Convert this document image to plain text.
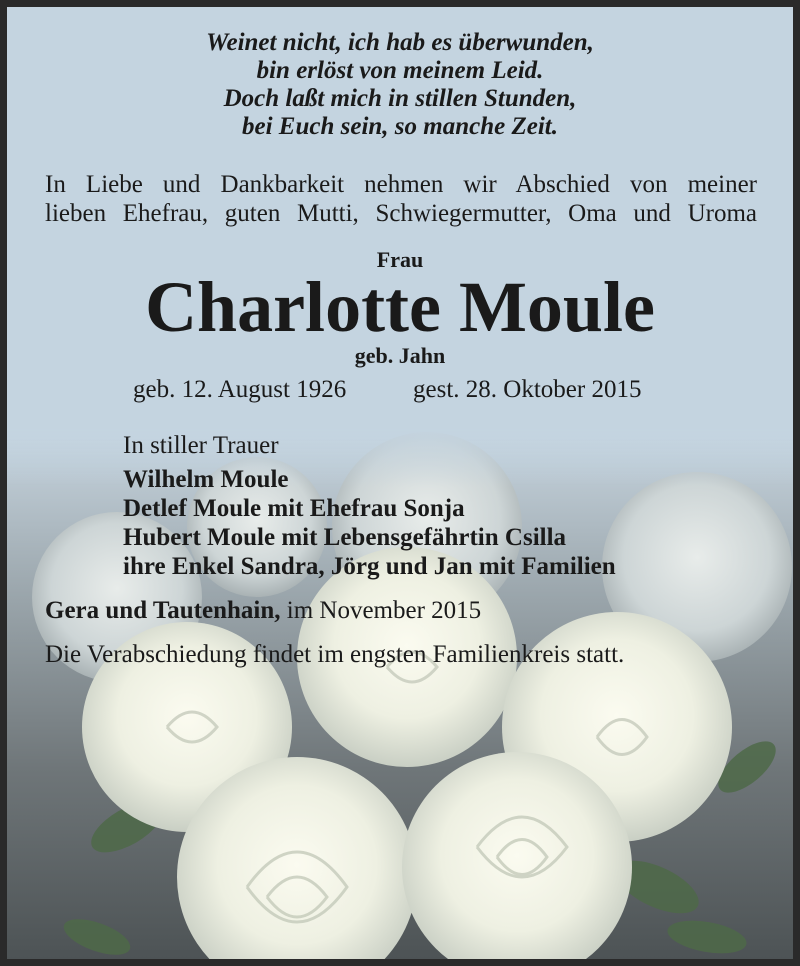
Weinet nicht, ich hab es überwunden,
bin erlöst von meinem Leid.
Doch laßt mich in stillen Stunden,
bei Euch sein, so manche Zeit.
In Liebe und Dankbarkeit nehmen wir Abschied von meiner
lieben Ehefrau, guten Mutti, Schwiegermutter, Oma und Uroma
Frau
Charlotte Moule
geb. Jahn
geb. 12. August 1926	gest. 28. Oktober 2015
In stiller Trauer
Wilhelm Moule
Detlef Moule mit Ehefrau Sonja
Hubert Moule mit Lebensgefährtin Csilla
ihre Enkel Sandra, Jörg und Jan mit Familien
Gera und Tautenhain, im November 2015
Die Verabschiedung findet im engsten Familienkreis statt.
